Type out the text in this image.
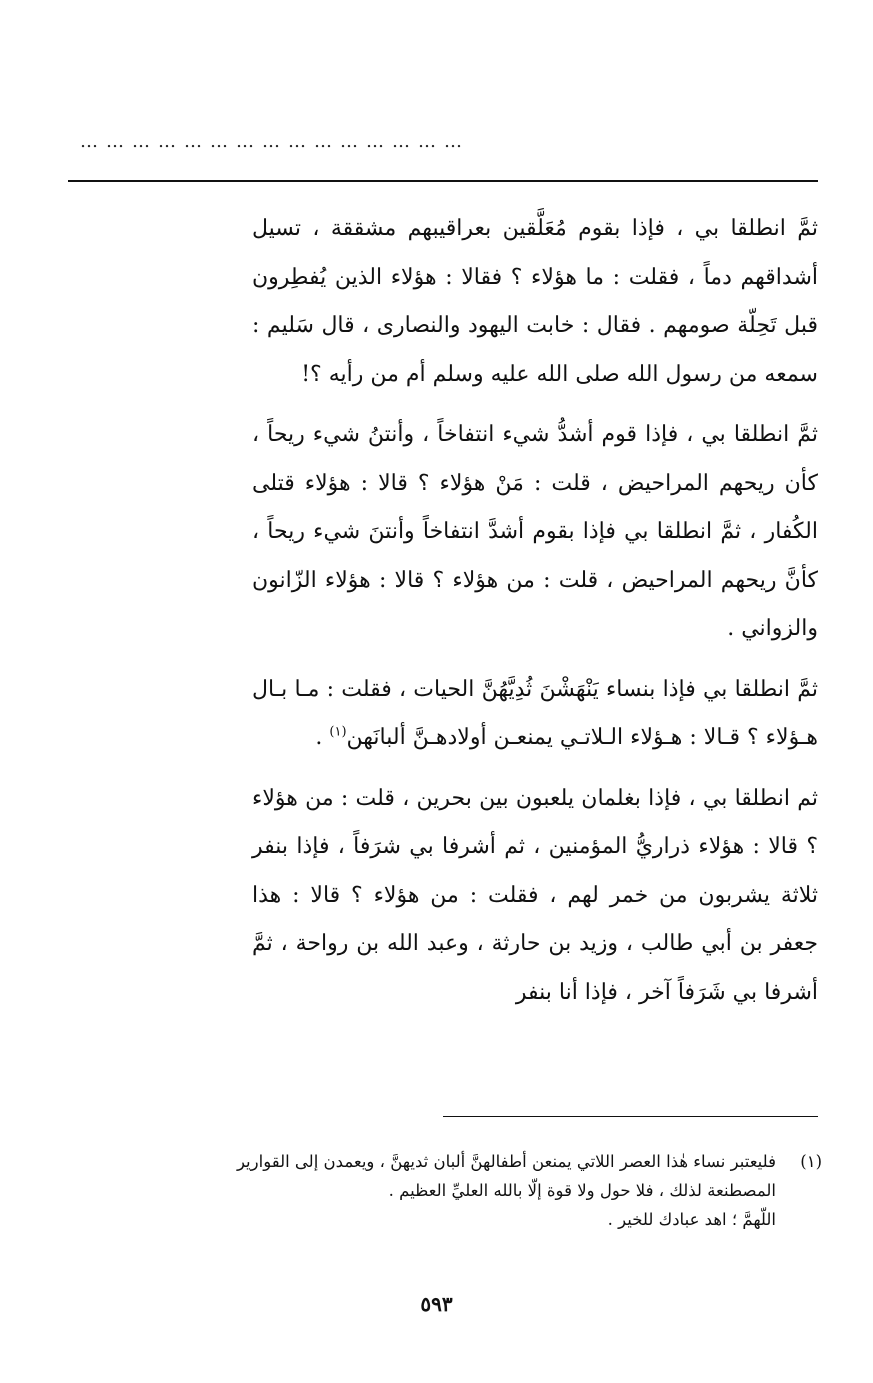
………………………………………

ثمَّ انطلقا بي ، فإذا بقوم مُعَلَّقين بعراقيبهم مشققة ، تسيل أشداقهم دماً ، فقلت : ما هؤلاء ؟ فقالا : هؤلاء الذين يُفطِرون قبل تَحِلّة صومهم . فقال : خابت اليهود والنصارى ، قال سَليم : سمعه من رسول الله صلى الله عليه وسلم أم من رأيه ؟!

ثمَّ انطلقا بي ، فإذا قوم أشدُّ شيء انتفاخاً ، وأنتنُ شيء ريحاً ، كأن ريحهم المراحيض ، قلت : مَنْ هؤلاء ؟ قالا : هؤلاء قتلى الكُفار ، ثمَّ انطلقا بي فإذا بقوم أشدَّ انتفاخاً وأنتنَ شيء ريحاً ، كأنَّ ريحهم المراحيض ، قلت : من هؤلاء ؟ قالا : هؤلاء الزّانون والزواني .

ثمَّ انطلقا بي فإذا بنساء يَنْهَشْنَ ثُدِيَّهُنَّ الحيات ، فقلت : مـا بـال هـؤلاء ؟ قـالا : هـؤلاء الـلاتـي يمنعـن أولادهـنَّ ألبانَهن$^{(١)}$ .

ثم انطلقا بي ، فإذا بغلمان يلعبون بين بحرين ، قلت : من هؤلاء ؟ قالا : هؤلاء ذراريُّ المؤمنين ، ثم أشرفا بي شرَفاً ، فإذا بنفر ثلاثة يشربون من خمر لهم ، فقلت : من هؤلاء ؟ قالا : هذا جعفر بن أبي طالب ، وزيد بن حارثة ، وعبد الله بن رواحة ، ثمَّ أشرفا بي شَرَفاً آخر ، فإذا أنا بنفر

(١)فليعتبر نساء هٰذا العصر اللاتي يمنعن أطفالهنَّ ألبان ثديهنَّ ، ويعمدن إلى القوارير
المصطنعة لذلك ، فلا حول ولا قوة إلّا بالله العليِّ العظيم .
اللّهمَّ ؛ اهد عبادك للخير .
٥٩٣
